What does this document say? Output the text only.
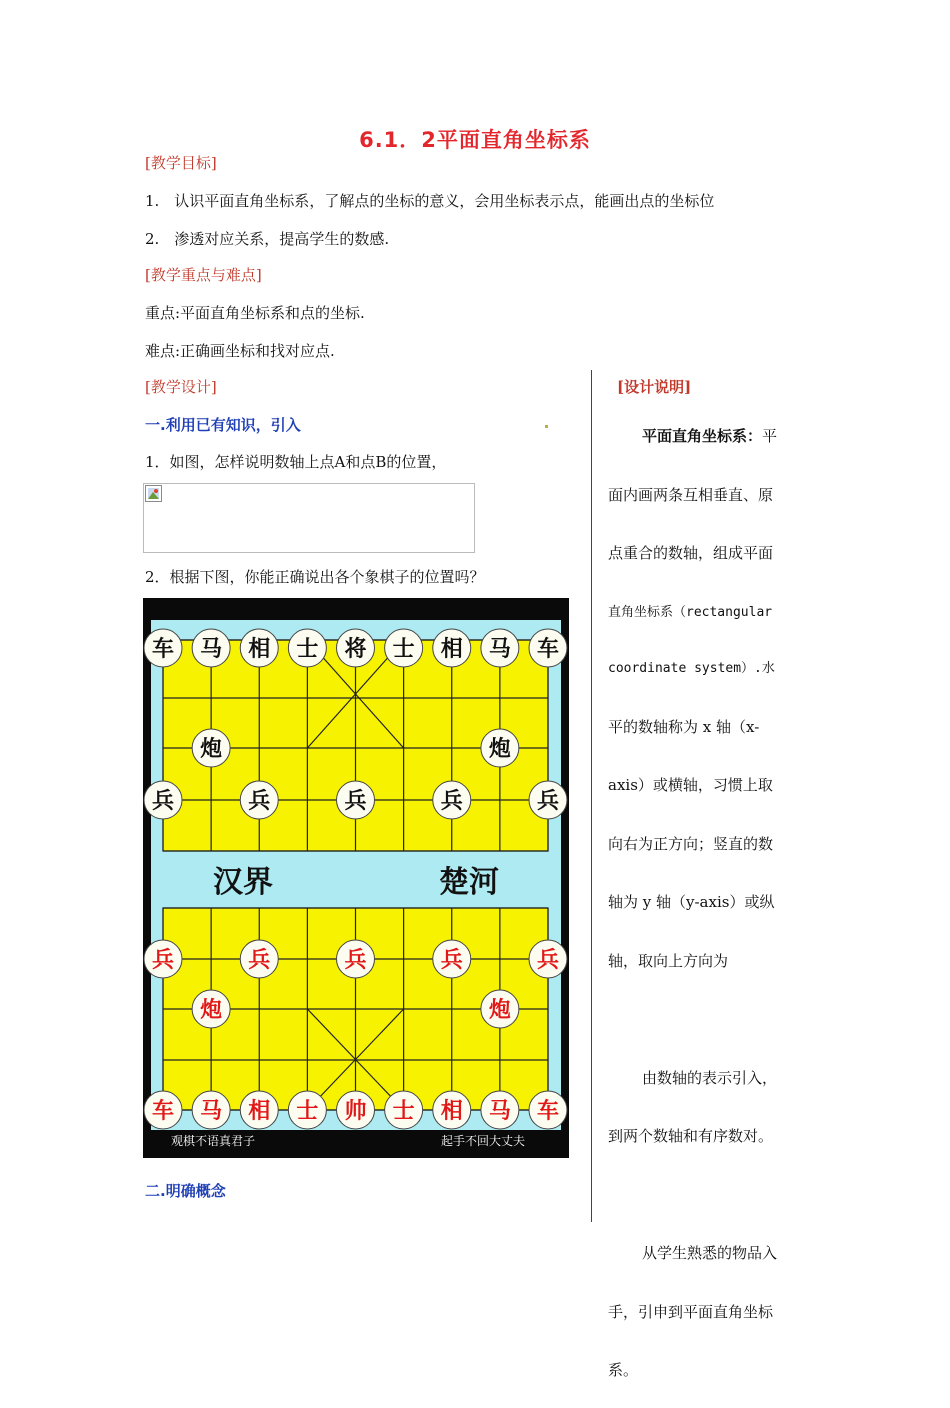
6.1．2平面直角坐标系
[教学目标]
1.　认识平面直角坐标系，了解点的坐标的意义，会用坐标表示点，能画出点的坐标位
2.　渗透对应关系，提高学生的数感.
[教学重点与难点]
重点:平面直角坐标系和点的坐标.
难点:正确画坐标和找对应点.
[教学设计]	[设计说明]
一.利用已有知识，引入
1．如图，怎样说明数轴上点A和点B的位置，
2．根据下图，你能正确说出各个象棋子的位置吗？
汉界	楚河
车 马 相 士 将 士 相 马 车
炮	炮
兵	兵	兵	兵	兵
兵	兵	兵	兵	兵
炮	炮
车 马 相 士 帅 士 相 马 车
观棋不语真君子	起手不回大丈夫
二.明确概念

平面直角坐标系：平

面内画两条互相垂直、原

点重合的数轴，组成平面

直角坐标系（rectangular

coordinate system）.水

平的数轴称为 x 轴（x-

axis）或横轴，习惯上取

向右为正方向；竖直的数

轴为 y 轴（y-axis）或纵

轴，取向上方向为

由数轴的表示引入，

到两个数轴和有序数对。

从学生熟悉的物品入

手，引申到平面直角坐标

系。
